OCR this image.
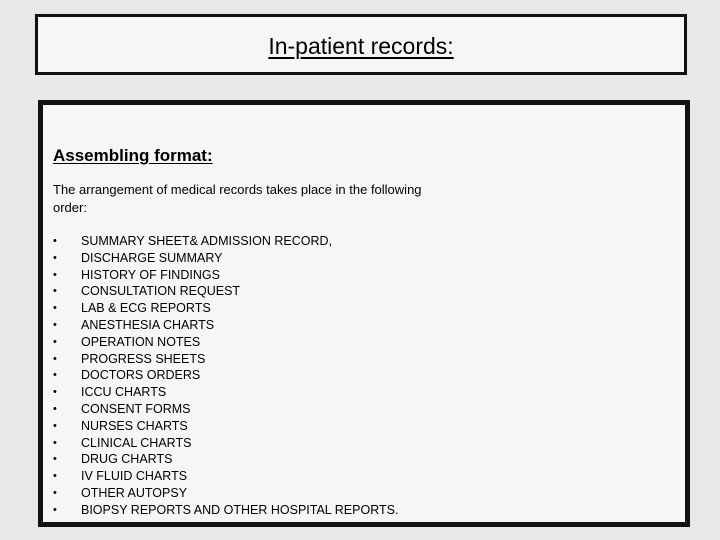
In-patient records:
Assembling format:

The arrangement of medical records takes place in the following order:

• SUMMARY SHEET& ADMISSION RECORD,
• DISCHARGE SUMMARY
• HISTORY OF FINDINGS
• CONSULTATION REQUEST
• LAB & ECG REPORTS
• ANESTHESIA CHARTS
• OPERATION NOTES
• PROGRESS SHEETS
• DOCTORS ORDERS
• ICCU CHARTS
• CONSENT FORMS
• NURSES CHARTS
• CLINICAL CHARTS
• DRUG CHARTS
• IV FLUID CHARTS
• OTHER AUTOPSY
• BIOPSY REPORTS AND OTHER HOSPITAL REPORTS.
